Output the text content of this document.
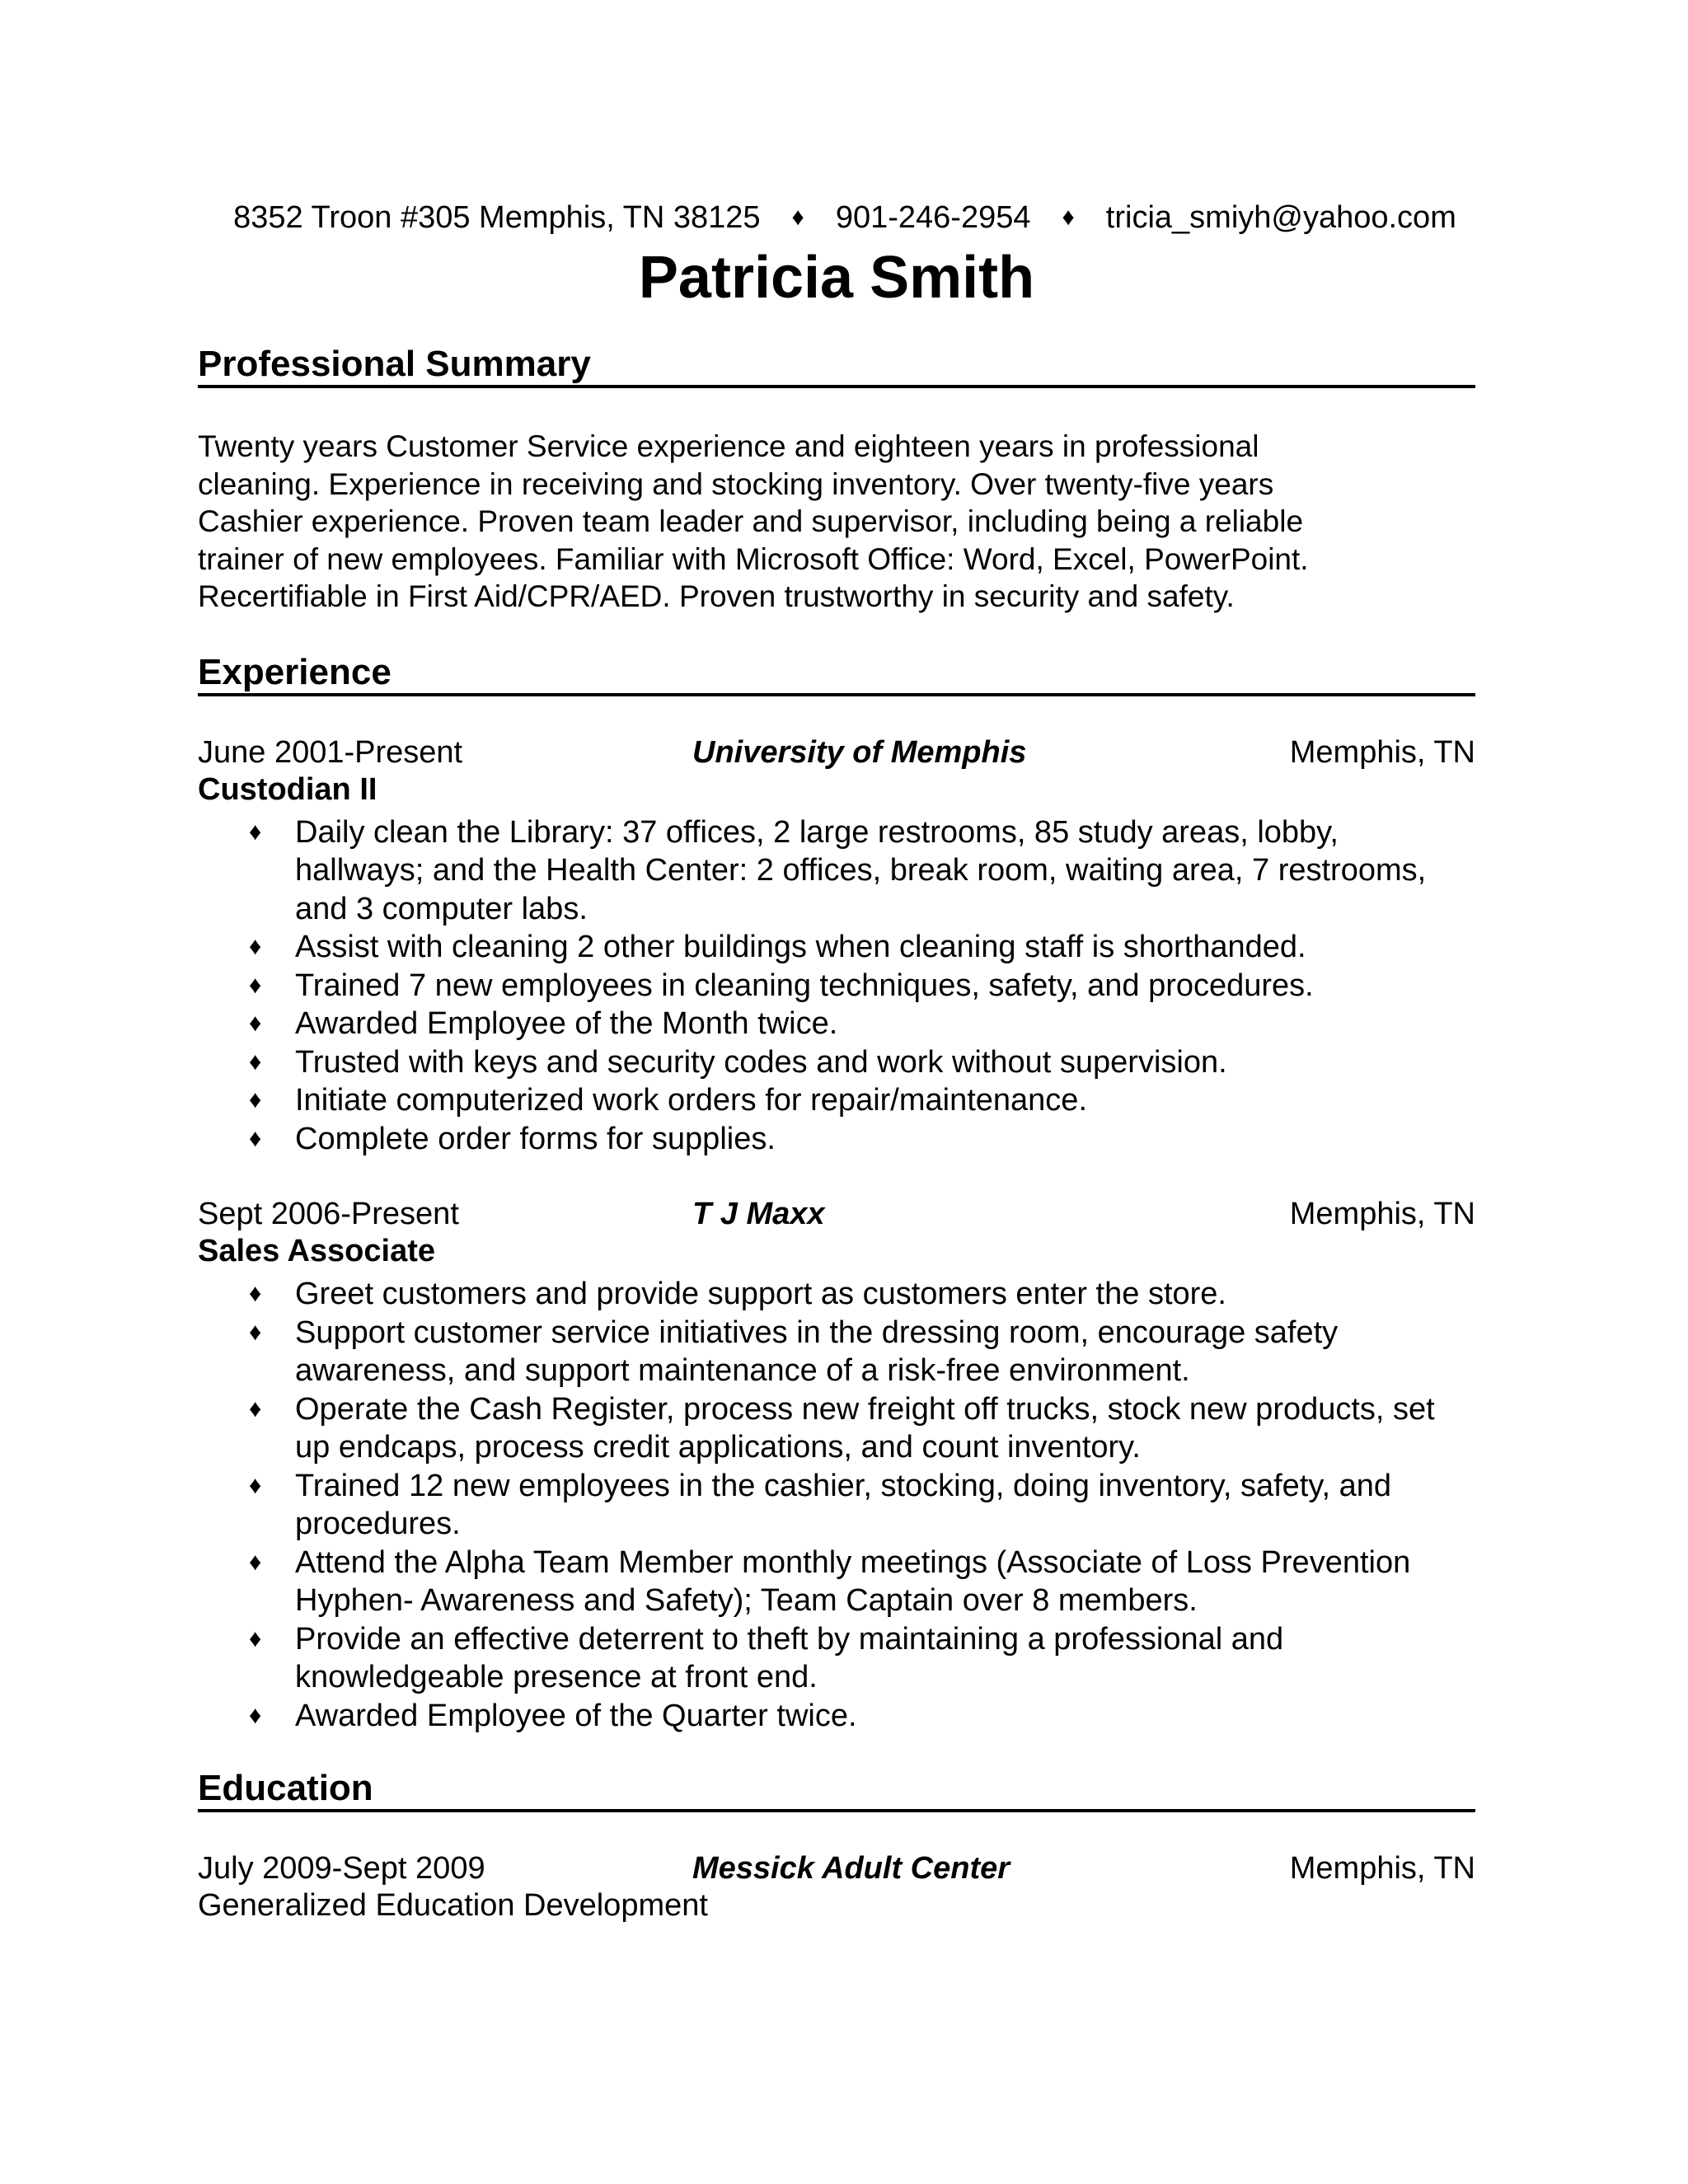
8352 Troon #305 Memphis, TN 38125 ♦ 901-246-2954 ♦ tricia_smiyh@yahoo.com
Patricia Smith
Professional Summary
Twenty years Customer Service experience and eighteen years in professional
cleaning. Experience in receiving and stocking inventory. Over twenty-five years
Cashier experience. Proven team leader and supervisor, including being a reliable
trainer of new employees. Familiar with Microsoft Office: Word, Excel, PowerPoint.
Recertifiable in First Aid/CPR/AED. Proven trustworthy in security and safety.
Experience
June 2001-Present	University of Memphis	Memphis, TN
Custodian II
♦ Daily clean the Library: 37 offices, 2 large restrooms, 85 study areas, lobby, hallways; and the Health Center: 2 offices, break room, waiting area, 7 restrooms, and 3 computer labs.
♦ Assist with cleaning 2 other buildings when cleaning staff is shorthanded.
♦ Trained 7 new employees in cleaning techniques, safety, and procedures.
♦ Awarded Employee of the Month twice.
♦ Trusted with keys and security codes and work without supervision.
♦ Initiate computerized work orders for repair/maintenance.
♦ Complete order forms for supplies.
Sept 2006-Present	T J Maxx	Memphis, TN
Sales Associate
♦ Greet customers and provide support as customers enter the store.
♦ Support customer service initiatives in the dressing room, encourage safety awareness, and support maintenance of a risk-free environment.
♦ Operate the Cash Register, process new freight off trucks, stock new products, set up endcaps, process credit applications, and count inventory.
♦ Trained 12 new employees in the cashier, stocking, doing inventory, safety, and procedures.
♦ Attend the Alpha Team Member monthly meetings (Associate of Loss Prevention Hyphen- Awareness and Safety); Team Captain over 8 members.
♦ Provide an effective deterrent to theft by maintaining a professional and knowledgeable presence at front end.
♦ Awarded Employee of the Quarter twice.
Education
July 2009-Sept 2009	Messick Adult Center	Memphis, TN
Generalized Education Development
